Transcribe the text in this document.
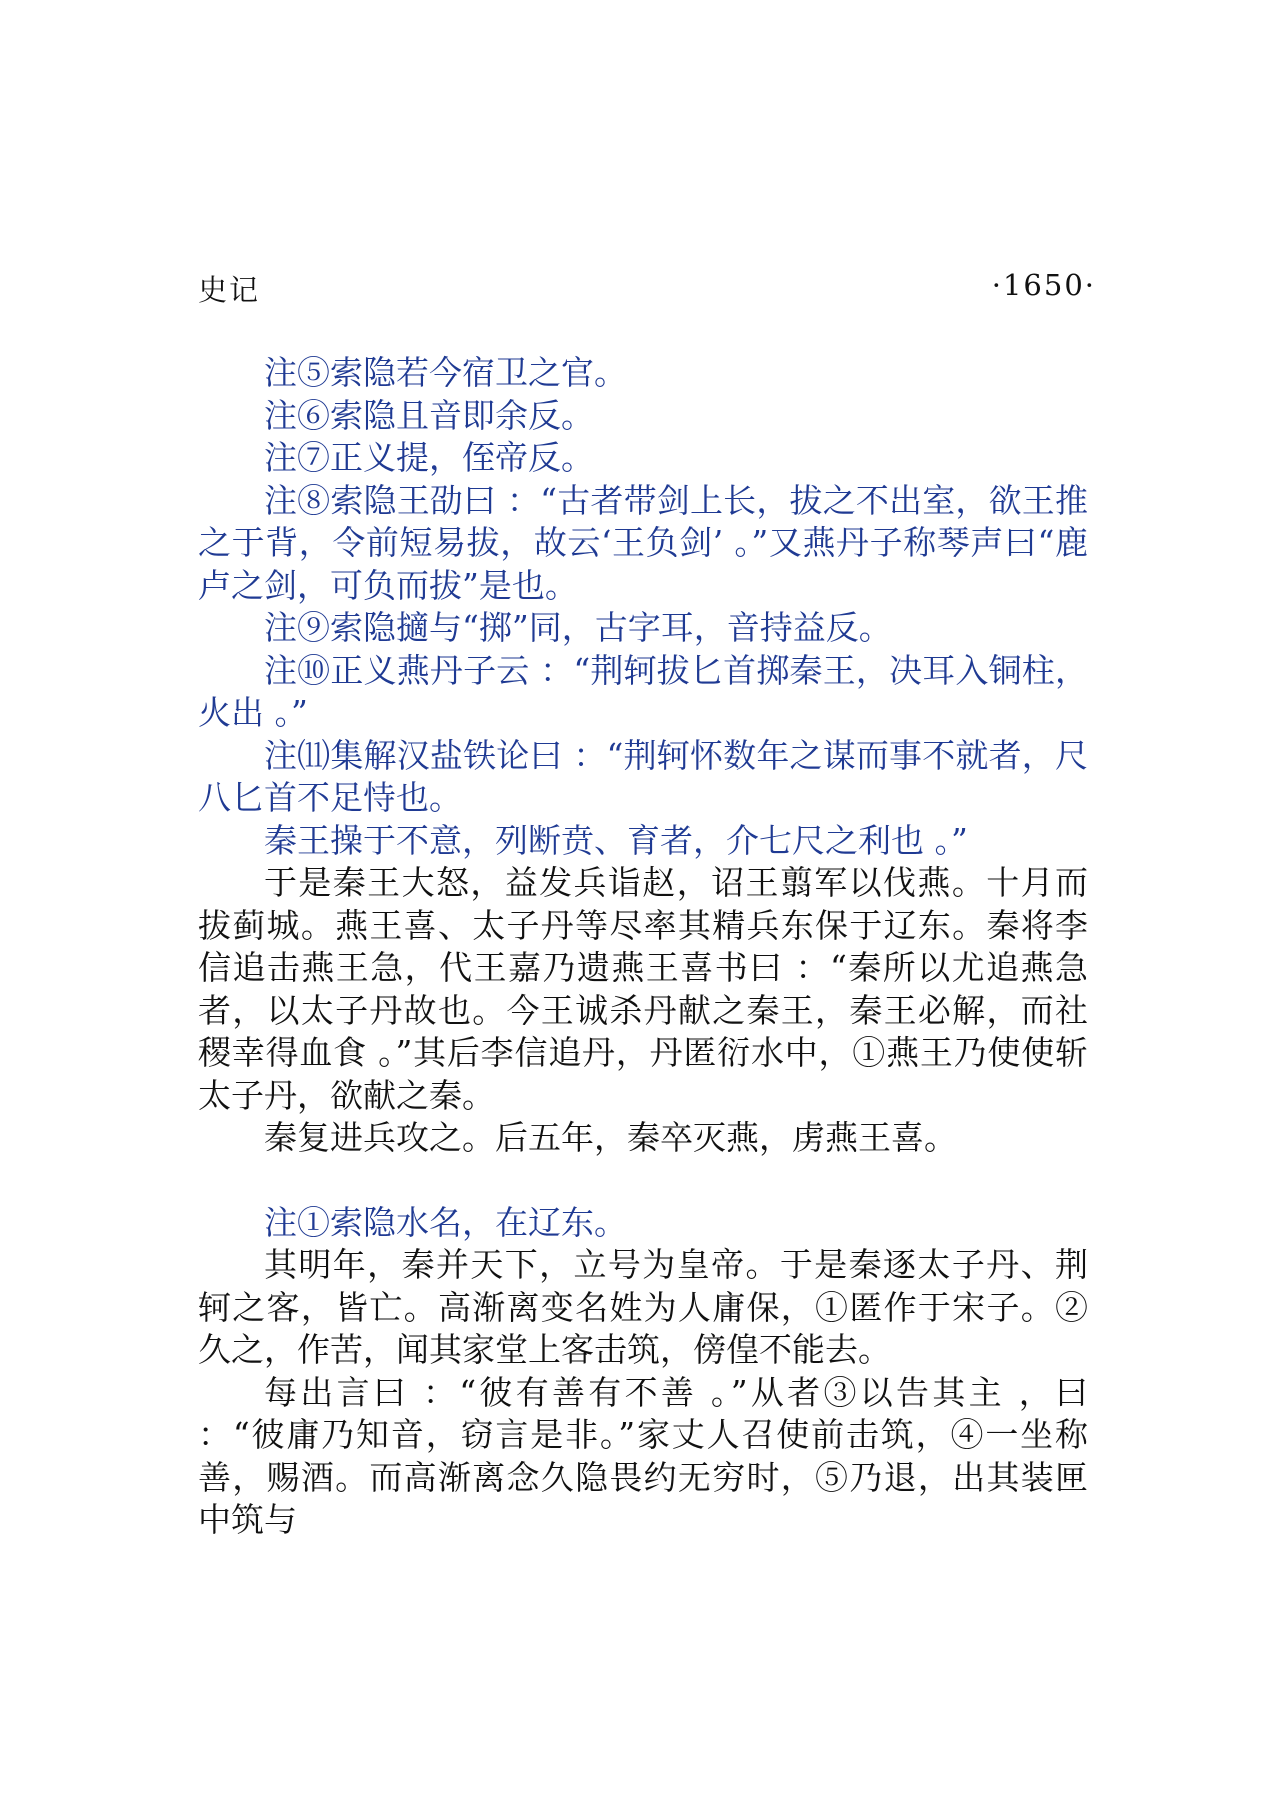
史记	·1650·

注⑤索隐若今宿卫之官。

注⑥索隐且音即余反。

注⑦正义提，侄帝反。

注⑧索隐王劭曰 ：“古者带剑上长，拔之不出室，欲王推之于背，令前短易拔，故云‘王负剑’ 。”又燕丹子称琴声曰“鹿卢之剑，可负而拔”是也。

注⑨索隐擿与“掷”同，古字耳，音持益反。

注⑩正义燕丹子云 ：“荆轲拔匕首掷秦王，决耳入铜柱，火出 。”

注⑾集解汉盐铁论曰 ：“荆轲怀数年之谋而事不就者，尺八匕首不足恃也。

秦王操于不意，列断贲、育者，介七尺之利也 。”

于是秦王大怒，益发兵诣赵，诏王翦军以伐燕。十月而拔蓟城。燕王喜、太子丹等尽率其精兵东保于辽东。秦将李信追击燕王急，代王嘉乃遗燕王喜书曰 ：“秦所以尤追燕急者，以太子丹故也。今王诚杀丹献之秦王，秦王必解，而社稷幸得血食 。”其后李信追丹，丹匿衍水中，①燕王乃使使斩太子丹，欲献之秦。

秦复进兵攻之。后五年，秦卒灭燕，虏燕王喜。

注①索隐水名，在辽东。

其明年，秦并天下，立号为皇帝。于是秦逐太子丹、荆轲之客，皆亡。高渐离变名姓为人庸保，①匿作于宋子。②久之，作苦，闻其家堂上客击筑，傍偟不能去。

每出言曰 ：“彼有善有不善 。”从者③以告其主 ，曰 ：“彼庸乃知音，窃言是非。”家丈人召使前击筑，④一坐称善，赐酒。而高渐离念久隐畏约无穷时，⑤乃退，出其装匣中筑与
